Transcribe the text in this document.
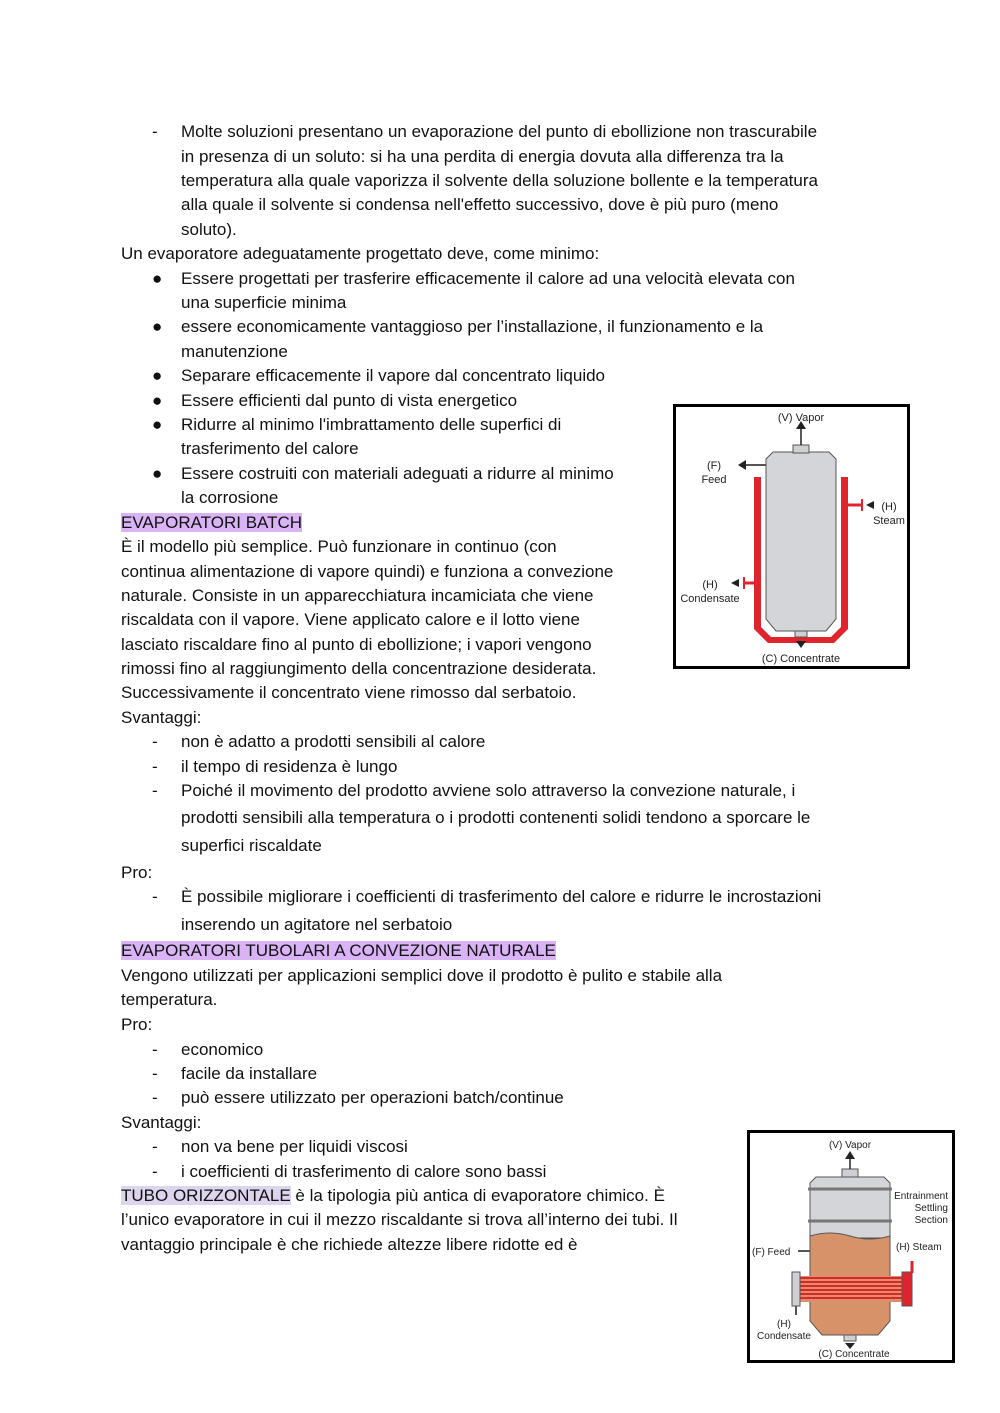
- Molte soluzioni presentano un evaporazione del punto di ebollizione non trascurabile
in presenza di un soluto: si ha una perdita di energia dovuta alla differenza tra la
temperatura alla quale vaporizza il solvente della soluzione bollente e la temperatura
alla quale il solvente si condensa nell'effetto successivo, dove è più puro (meno
soluto).
Un evaporatore adeguatamente progettato deve, come minimo:
● Essere progettati per trasferire efficacemente il calore ad una velocità elevata con
una superficie minima
● essere economicamente vantaggioso per l’installazione, il funzionamento e la
manutenzione
● Separare efficacemente il vapore dal concentrato liquido
● Essere efficienti dal punto di vista energetico
● Ridurre al minimo l'imbrattamento delle superfici di
trasferimento del calore
● Essere costruiti con materiali adeguati a ridurre al minimo
la corrosione
EVAPORATORI BATCH
È il modello più semplice. Può funzionare in continuo (con
continua alimentazione di vapore quindi) e funziona a convezione
naturale. Consiste in un apparecchiatura incamiciata che viene
riscaldata con il vapore. Viene applicato calore e il lotto viene
lasciato riscaldare fino al punto di ebollizione; i vapori vengono
rimossi fino al raggiungimento della concentrazione desiderata.
Successivamente il concentrato viene rimosso dal serbatoio.
Svantaggi:
- non è adatto a prodotti sensibili al calore
- il tempo di residenza è lungo
- Poiché il movimento del prodotto avviene solo attraverso la convezione naturale, i
prodotti sensibili alla temperatura o i prodotti contenenti solidi tendono a sporcare le
superfici riscaldate
Pro:
- È possibile migliorare i coefficienti di trasferimento del calore e ridurre le incrostazioni
inserendo un agitatore nel serbatoio
EVAPORATORI TUBOLARI A CONVEZIONE NATURALE
Vengono utilizzati per applicazioni semplici dove il prodotto è pulito e stabile alla
temperatura.
Pro:
- economico
- facile da installare
- può essere utilizzato per operazioni batch/continue
Svantaggi:
- non va bene per liquidi viscosi
- i coefficienti di trasferimento di calore sono bassi
TUBO ORIZZONTALE è la tipologia più antica di evaporatore chimico. È
l’unico evaporatore in cui il mezzo riscaldante si trova all’interno dei tubi. Il
vantaggio principale è che richiede altezze libere ridotte ed è
(V) Vapor
(F)
Feed
(H)
Steam
(H)
Condensate
(C) Concentrate
(V) Vapor
Entrainment
Settling
Section
(F) Feed	(H) Steam
(H)
Condensate
(C) Concentrate
